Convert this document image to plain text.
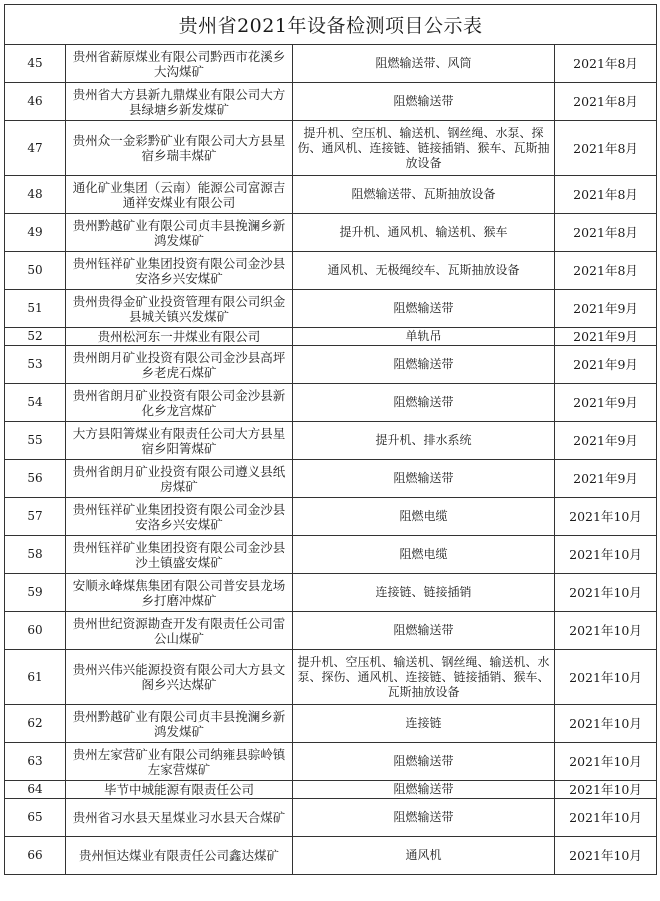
贵州省2021年设备检测项目公示表			
45	贵州省薪原煤业有限公司黔西市花溪乡大沟煤矿	阻燃输送带、风筒	2021年8月
46	贵州省大方县新九鼎煤业有限公司大方县绿塘乡新发煤矿	阻燃输送带	2021年8月
47	贵州众一金彩黔矿业有限公司大方县星宿乡瑞丰煤矿	提升机、空压机、输送机、钢丝绳、水泵、探伤、通风机、连接链、链接插销、猴车、瓦斯抽放设备	2021年8月
48	通化矿业集团（云南）能源公司富源吉通祥安煤业有限公司	阻燃输送带、瓦斯抽放设备	2021年8月
49	贵州黔越矿业有限公司贞丰县挽澜乡新鸿发煤矿	提升机、通风机、输送机、猴车	2021年8月
50	贵州钰祥矿业集团投资有限公司金沙县安洛乡兴安煤矿	通风机、无极绳绞车、瓦斯抽放设备	2021年8月
51	贵州贵得金矿业投资管理有限公司织金县城关镇兴发煤矿	阻燃输送带	2021年9月
52	贵州松河东一井煤业有限公司	单轨吊	2021年9月
53	贵州朗月矿业投资有限公司金沙县高坪乡老虎石煤矿	阻燃输送带	2021年9月
54	贵州省朗月矿业投资有限公司金沙县新化乡龙宫煤矿	阻燃输送带	2021年9月
55	大方县阳箐煤业有限责任公司大方县星宿乡阳箐煤矿	提升机、排水系统	2021年9月
56	贵州省朗月矿业投资有限公司遵义县纸房煤矿	阻燃输送带	2021年9月
57	贵州钰祥矿业集团投资有限公司金沙县安洛乡兴安煤矿	阻燃电缆	2021年10月
58	贵州钰祥矿业集团投资有限公司金沙县沙土镇盛安煤矿	阻燃电缆	2021年10月
59	安顺永峰煤焦集团有限公司普安县龙场乡打磨冲煤矿	连接链、链接插销	2021年10月
60	贵州世纪资源勘查开发有限责任公司雷公山煤矿	阻燃输送带	2021年10月
61	贵州兴伟兴能源投资有限公司大方县文阁乡兴达煤矿	提升机、空压机、输送机、钢丝绳、输送机、水泵、探伤、通风机、连接链、链接插销、猴车、瓦斯抽放设备	2021年10月
62	贵州黔越矿业有限公司贞丰县挽澜乡新鸿发煤矿	连接链	2021年10月
63	贵州左家营矿业有限公司纳雍县骔岭镇左家营煤矿	阻燃输送带	2021年10月
64	毕节中城能源有限责任公司	阻燃输送带	2021年10月
65	贵州省习水县天星煤业习水县天合煤矿	阻燃输送带	2021年10月
66	贵州恒达煤业有限责任公司鑫达煤矿	通风机	2021年10月
